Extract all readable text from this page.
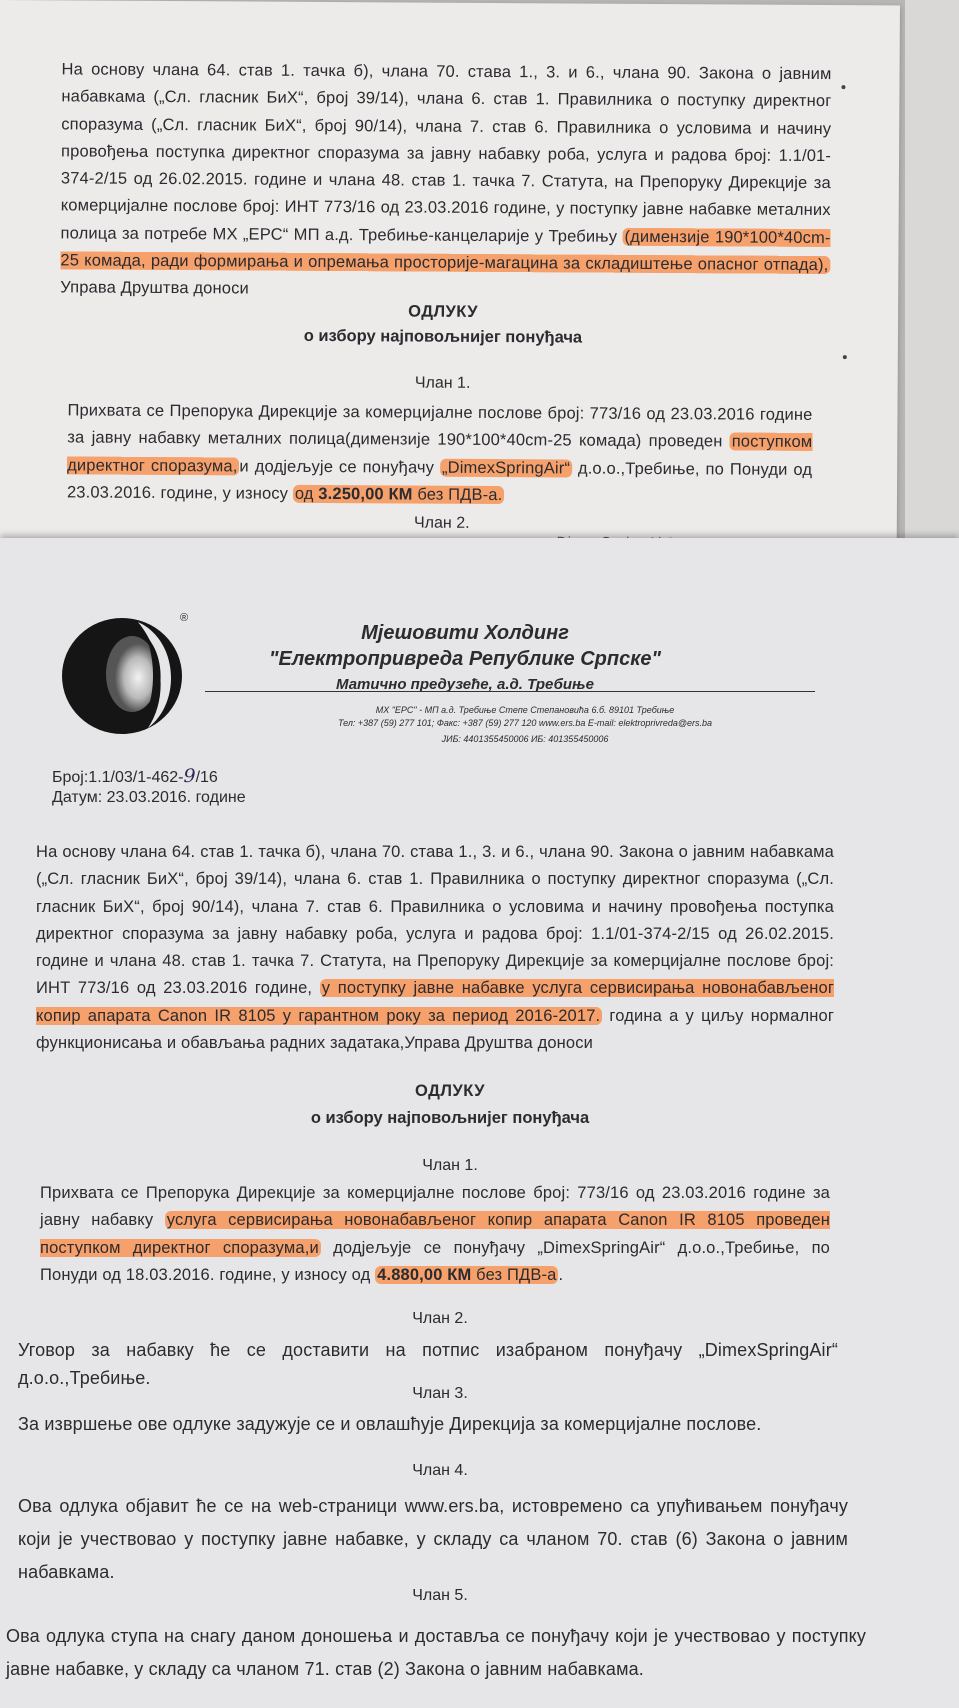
На основу члана 64. став 1. тачка б), члана 70. става 1., 3. и 6., члана 90. Закона о јавним набавкама („Сл. гласник БиХ“, број 39/14), члана 6. став 1. Правилника о поступку директног споразума („Сл. гласник БиХ“, број 90/14), члана 7. став 6. Правилника о условима и начину провођења поступка директног споразума за јавну набавку роба, услуга и радова број: 1.1/01-374-2/15 од 26.02.2015. године и члана 48. став 1. тачка 7. Статута, на Препоруку Дирекције за комерцијалне послове број: ИНТ 773/16 од 23.03.2016 године, у поступку јавне набавке металних полица за потребе МХ „ЕРС“ МП а.д. Требиње-канцеларије у Требињу (димензије 190*100*40cm-25 комада, ради формирања и опремања просторије-магацина за складиштење опасног отпада), Управа Друштва доноси

ОДЛУКУ

о избору најповољнијег понуђача

Члан 1.

Прихвата се Препорука Дирекције за комерцијалне послове број: 773/16 од 23.03.2016 године за јавну набавку металних полица(димензије 190*100*40cm-25 комада) проведен поступком директног споразума, и додјељује се понуђачу „DimexSpringAir“ д.о.о.,Требиње, по Понуди од 23.03.2016. године, у износу од 3.250,00 КМ без ПДВ-а.

Члан 2.

®
Мјешовити Холдинг
"Електропривреда Републике Српске"
Матично предузеће, а.д. Требиње
МХ "ЕРС" - МП а.д. Требиње Степе Степановића 6.б. 89101 Требиње
Тел: +387 (59) 277 101; Факс: +387 (59) 277 120 www.ers.ba E-mail: elektroprivreda@ers.ba
ЈИБ: 4401355450006 ИБ: 401355450006
Број:1.1/03/1-462-9/16
Датум: 23.03.2016. године

На основу члана 64. став 1. тачка б), члана 70. става 1., 3. и 6., члана 90. Закона о јавним набавкама („Сл. гласник БиХ“, број 39/14), члана 6. став 1. Правилника о поступку директног споразума („Сл. гласник БиХ“, број 90/14), члана 7. став 6. Правилника о условима и начину провођења поступка директног споразума за јавну набавку роба, услуга и радова број: 1.1/01-374-2/15 од 26.02.2015. године и члана 48. став 1. тачка 7. Статута, на Препоруку Дирекције за комерцијалне послове број: ИНТ 773/16 од 23.03.2016 године, у поступку јавне набавке услуга сервисирања новонабављеног копир апарата Canon IR 8105 у гарантном року за период 2016-2017. година а у циљу нормалног функционисања и обављања радних задатака,Управа Друштва доноси

ОДЛУКУ

о избору најповољнијег понуђача

Члан 1.

Прихвата се Препорука Дирекције за комерцијалне послове број: 773/16 од 23.03.2016 године за јавну набавку услуга сервисирања новонабављеног копир апарата Canon IR 8105 проведен поступком директног споразума,и додјељује се понуђачу „DimexSpringAir“ д.о.о.,Требиње, по Понуди од 18.03.2016. године, у износу од 4.880,00 КМ без ПДВ-а .

Члан 2.

Уговор за набавку ће се доставити на потпис изабраном понуђачу „DimexSpringAir“ д.о.о.,Требиње.

Члан 3.

За извршење ове одлуке задужује се и овлашћује Дирекција за комерцијалне послове.

Члан 4.

Ова одлука објавит ће се на web-страници www.ers.ba, истовремено са упућивањем понуђачу који је учествовао у поступку јавне набавке, у складу са чланом 70. став (6) Закона о јавним набавкама.

Члан 5.

Ова одлука ступа на снагу даном доношења и доставља се понуђачу који је учествовао у поступку јавне набавке, у складу са чланом 71. став (2) Закона о јавним набавкама.
